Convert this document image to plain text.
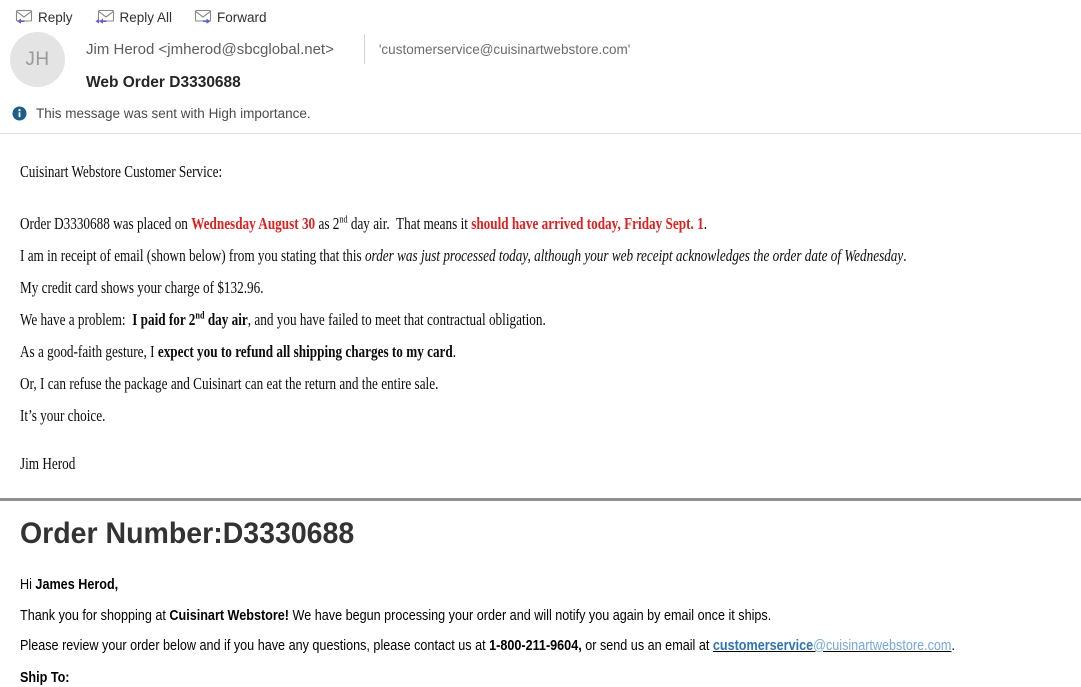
Reply	Reply All	Forward
JH	Jim Herod <jmherod@sbcglobal.net>	'customerservice@cuisinartwebstore.com'
Web Order D3330688
This message was sent with High importance.

Cuisinart Webstore Customer Service:

Order D3330688 was placed on Wednesday August 30 as 2nd day air.  That means it should have arrived today, Friday Sept. 1.

I am in receipt of email (shown below) from you stating that this order was just processed today, although your web receipt acknowledges the order date of Wednesday.

My credit card shows your charge of $132.96.

We have a problem:  I paid for 2nd day air, and you have failed to meet that contractual obligation.

As a good-faith gesture, I expect you to refund all shipping charges to my card.

Or, I can refuse the package and Cuisinart can eat the return and the entire sale.

It’s your choice.

Jim Herod

Order Number:D3330688

Hi James Herod,

Thank you for shopping at Cuisinart Webstore! We have begun processing your order and will notify you again by email once it ships.

Please review your order below and if you have any questions, please contact us at 1-800-211-9604, or send us an email at customerservice@cuisinartwebstore.com.

Ship To:
